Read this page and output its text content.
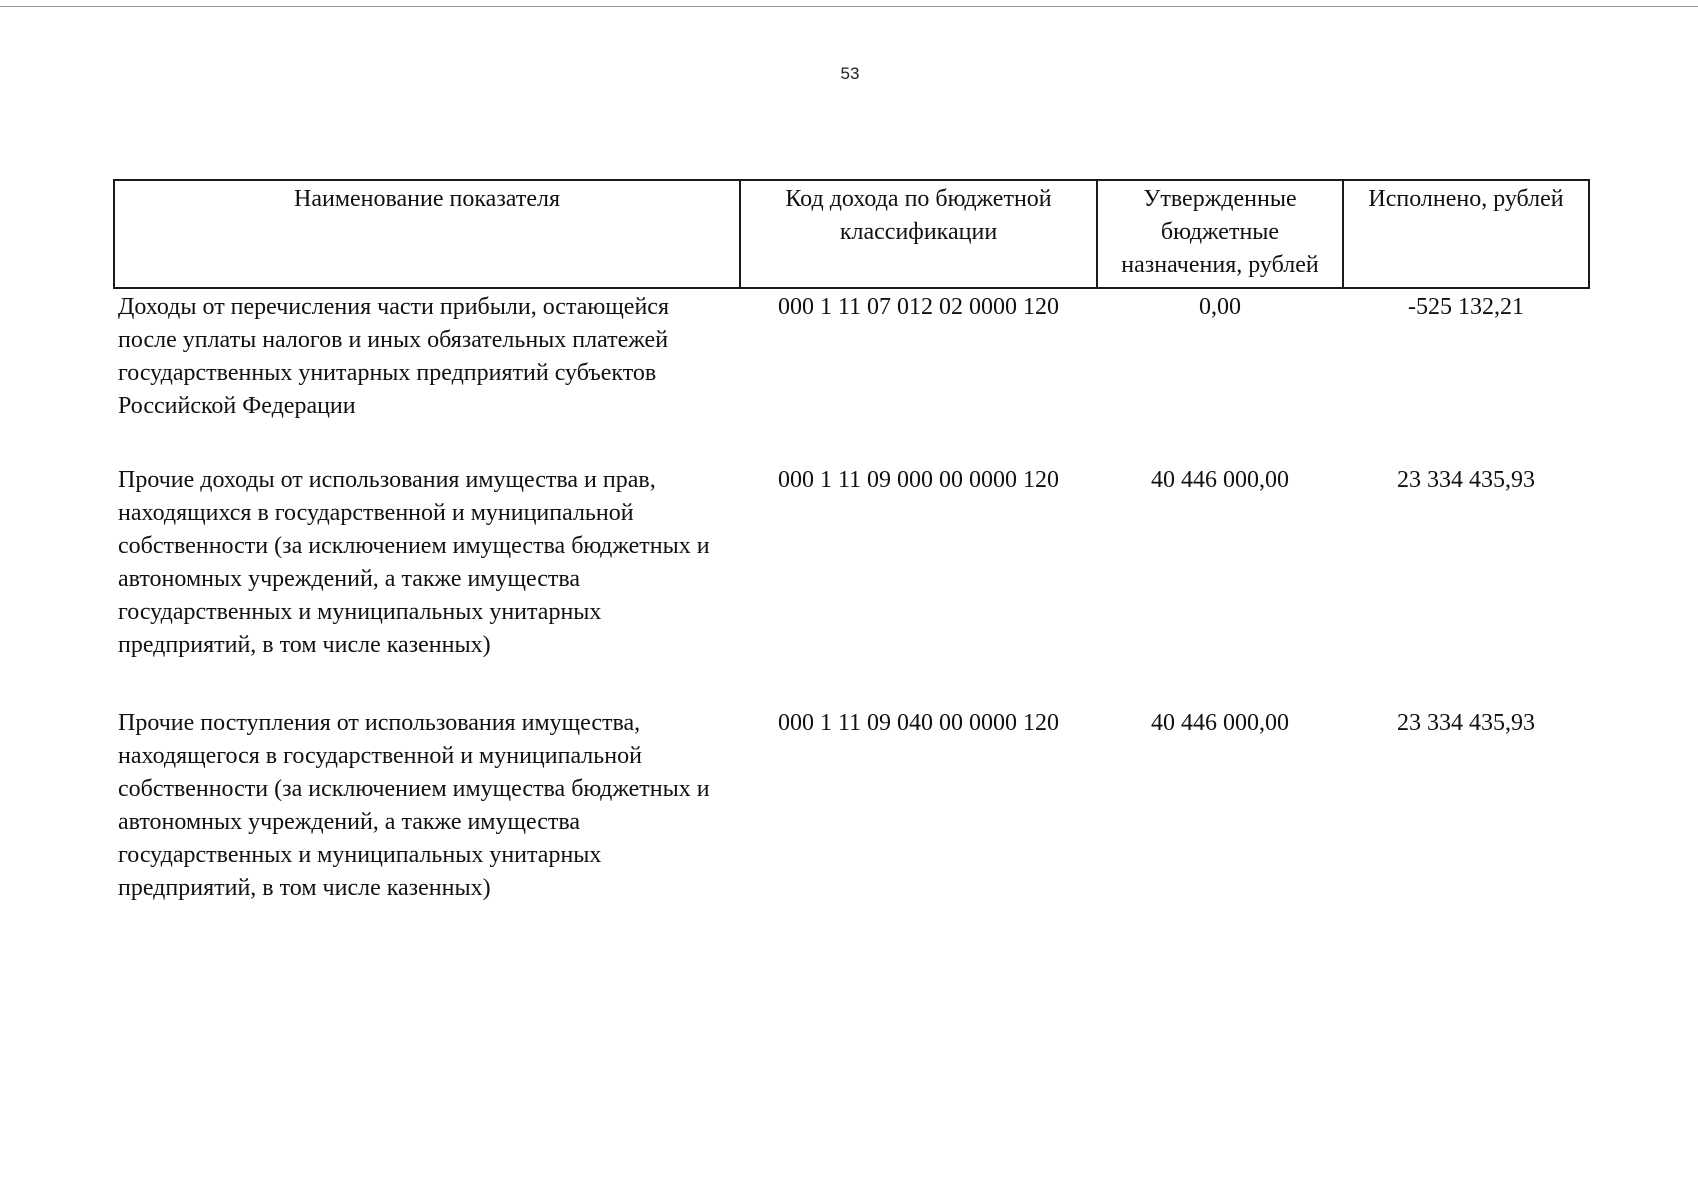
53
Наименование показателя	Код дохода по бюджетной классификации	Утвержденные бюджетные назначения, рублей	Исполнено, рублей
Доходы от перечисления части прибыли, остающейся после уплаты налогов и иных обязательных платежей государственных унитарных предприятий субъектов Российской Федерации	000 1 11 07 012 02 0000 120	0,00	-525 132,21
Прочие доходы от использования имущества и прав, находящихся в государственной и муниципальной собственности (за исключением имущества бюджетных и автономных учреждений, а также имущества государственных и муниципальных унитарных предприятий, в том числе казенных)	000 1 11 09 000 00 0000 120	40 446 000,00	23 334 435,93
Прочие поступления от использования имущества, находящегося в государственной и муниципальной собственности (за исключением имущества бюджетных и автономных учреждений, а также имущества государственных и муниципальных унитарных предприятий, в том числе казенных)	000 1 11 09 040 00 0000 120	40 446 000,00	23 334 435,93
